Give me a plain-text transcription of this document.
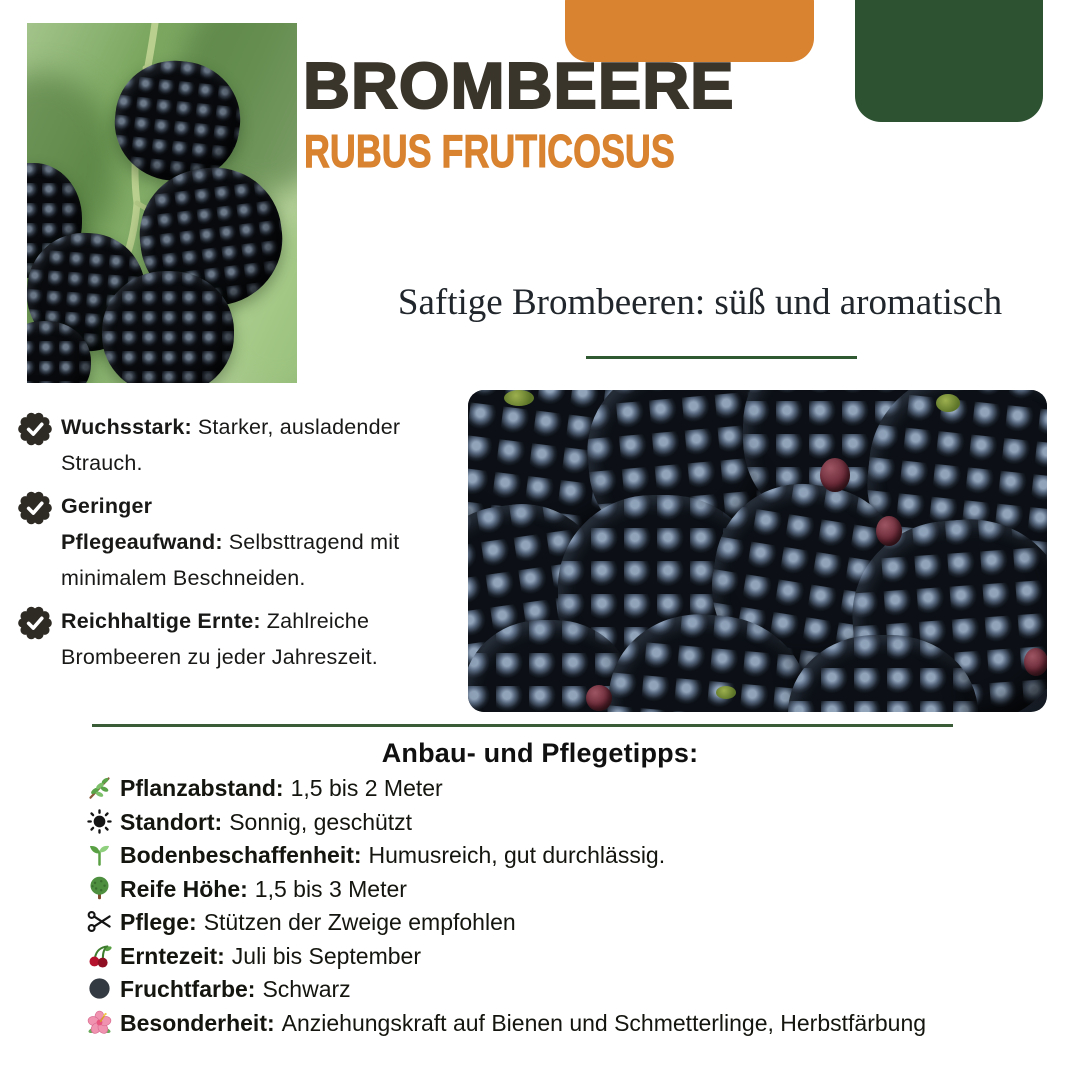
BROMBEERE
RUBUS FRUTICOSUS
Saftige Brombeeren: süß und aromatisch
Wuchsstark: Starker, ausladender Strauch.
Geringer Pflegeaufwand: Selbsttragend mit minimalem Beschneiden.
Reichhaltige Ernte: Zahlreiche Brombeeren zu jeder Jahreszeit.
Anbau- und Pflegetipps:
Pflanzabstand: 1,5 bis 2 Meter
Standort: Sonnig, geschützt
Bodenbeschaffenheit: Humusreich, gut durchlässig.
Reife Höhe: 1,5 bis 3 Meter
Pflege: Stützen der Zweige empfohlen
Erntezeit: Juli bis September
Fruchtfarbe: Schwarz
Besonderheit: Anziehungskraft auf Bienen und Schmetterlinge, Herbstfärbung
